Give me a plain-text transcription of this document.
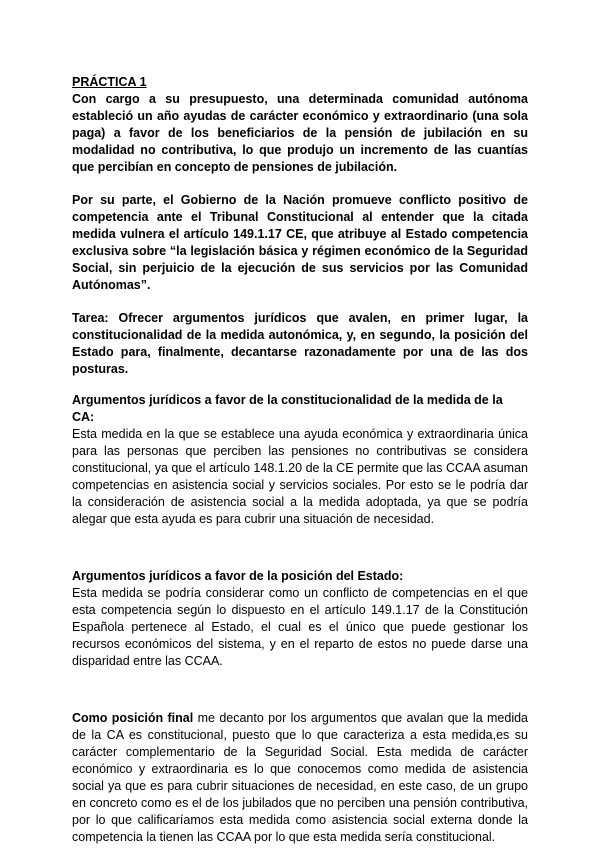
PRÁCTICA 1

Con cargo a su presupuesto, una determinada comunidad autónoma estableció un año ayudas de carácter económico y extraordinario (una sola paga) a favor de los beneficiarios de la pensión de jubilación en su modalidad no contributiva, lo que produjo un incremento de las cuantías que percibían en concepto de pensiones de jubilación.

Por su parte, el Gobierno de la Nación promueve conflicto positivo de competencia ante el Tribunal Constitucional al entender que la citada medida vulnera el artículo 149.1.17 CE, que atribuye al Estado competencia exclusiva sobre “la legislación básica y régimen económico de la Seguridad Social, sin perjuicio de la ejecución de sus servicios por las Comunidad Autónomas”.

Tarea: Ofrecer argumentos jurídicos que avalen, en primer lugar, la constitucionalidad de la medida autonómica, y, en segundo, la posición del Estado para, finalmente, decantarse razonadamente por una de las dos posturas.

Argumentos jurídicos a favor de la constitucionalidad de la medida de la CA:

Esta medida en la que se establece una ayuda económica y extraordinaria única para las personas que perciben las pensiones no contributivas se considera constitucional, ya que el artículo 148.1.20 de la CE permite que las CCAA asuman competencias en asistencia social y servicios sociales. Por esto se le podría dar la consideración de asistencia social a la medida adoptada, ya que se podría alegar que esta ayuda es para cubrir una situación de necesidad.

Argumentos jurídicos a favor de la posición del Estado:

Esta medida se podría considerar como un conflicto de competencias en el que esta competencia según lo dispuesto en el artículo 149.1.17 de la Constitución Española pertenece al Estado, el cual es el único que puede gestionar los recursos económicos del sistema, y en el reparto de estos no puede darse una disparidad entre las CCAA.

Como posición final me decanto por los argumentos que avalan que la medida de la CA es constitucional, puesto que lo que caracteriza a esta medida,es su carácter complementario de la Seguridad Social. Esta medida de carácter económico y extraordinaria es lo que conocemos como medida de asistencia social ya que es para cubrir situaciones de necesidad, en este caso, de un grupo en concreto como es el de los jubilados que no perciben una pensión contributiva, por lo que calificaríamos esta medida como asistencia social externa donde la competencia la tienen las CCAA por lo que esta medida sería constitucional.
